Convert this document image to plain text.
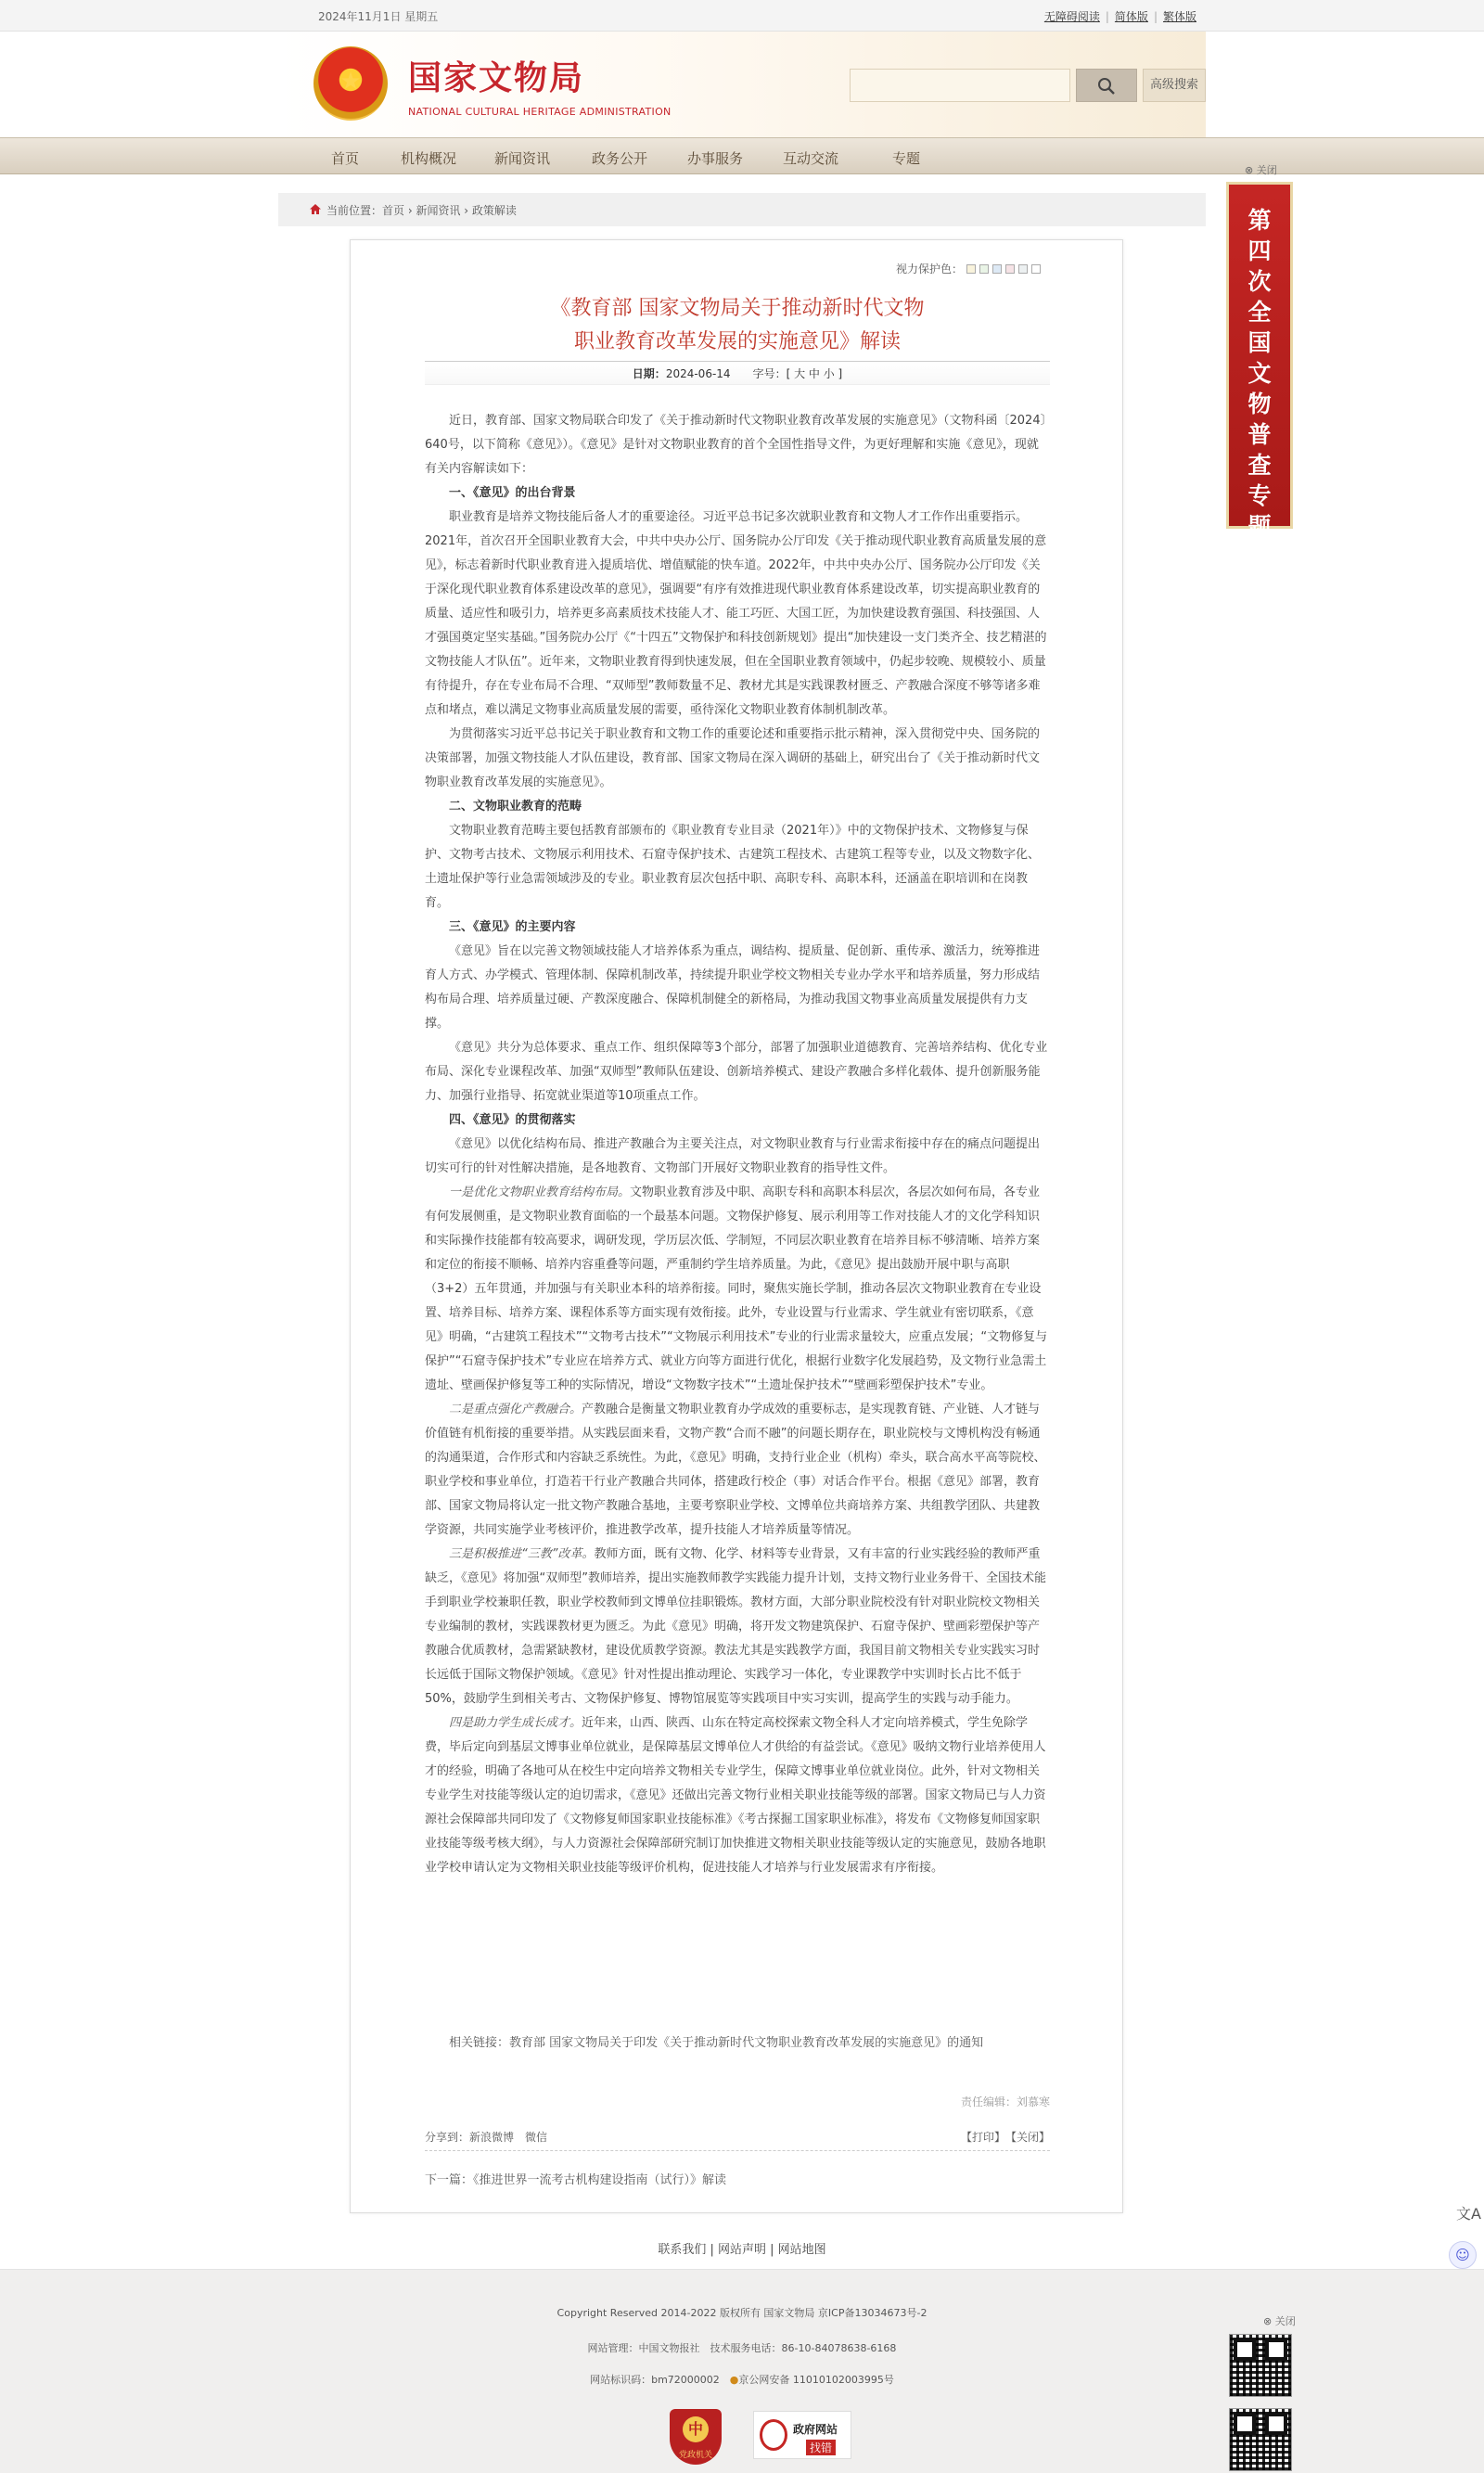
2024年11月1日 星期五	无障碍阅读 | 简体版 | 繁体版
★	国家文物局
NATIONAL CULTURAL HERITAGE ADMINISTRATION
高级搜索
首页	机构概况	新闻资讯	政务公开	办事服务	互动交流	专题
⊗ 关闭
第四次全国文物普查专题
当前位置：首页 › 新闻资讯 › 政策解读
视力保护色：
《教育部 国家文物局关于推动新时代文物
职业教育改革发展的实施意见》解读
日期：2024-06-14　　 字号：[ 大 中 小 ]

近日，教育部、国家文物局联合印发了《关于推动新时代文物职业教育改革发展的实施意见》（文物科函〔2024〕640号，以下简称《意见》）。《意见》是针对文物职业教育的首个全国性指导文件，为更好理解和实施《意见》，现就有关内容解读如下：

一、《意见》的出台背景

职业教育是培养文物技能后备人才的重要途径。习近平总书记多次就职业教育和文物人才工作作出重要指示。2021年，首次召开全国职业教育大会，中共中央办公厅、国务院办公厅印发《关于推动现代职业教育高质量发展的意见》，标志着新时代职业教育进入提质培优、增值赋能的快车道。2022年，中共中央办公厅、国务院办公厅印发《关于深化现代职业教育体系建设改革的意见》，强调要“有序有效推进现代职业教育体系建设改革，切实提高职业教育的质量、适应性和吸引力，培养更多高素质技术技能人才、能工巧匠、大国工匠，为加快建设教育强国、科技强国、人才强国奠定坚实基础。”国务院办公厅《“十四五”文物保护和科技创新规划》提出“加快建设一支门类齐全、技艺精湛的文物技能人才队伍”。近年来，文物职业教育得到快速发展，但在全国职业教育领域中，仍起步较晚、规模较小、质量有待提升，存在专业布局不合理、“双师型”教师数量不足、教材尤其是实践课教材匮乏、产教融合深度不够等诸多难点和堵点，难以满足文物事业高质量发展的需要，亟待深化文物职业教育体制机制改革。

为贯彻落实习近平总书记关于职业教育和文物工作的重要论述和重要指示批示精神，深入贯彻党中央、国务院的决策部署，加强文物技能人才队伍建设，教育部、国家文物局在深入调研的基础上，研究出台了《关于推动新时代文物职业教育改革发展的实施意见》。

二、文物职业教育的范畴

文物职业教育范畴主要包括教育部颁布的《职业教育专业目录（2021年）》中的文物保护技术、文物修复与保护、文物考古技术、文物展示利用技术、石窟寺保护技术、古建筑工程技术、古建筑工程等专业，以及文物数字化、土遗址保护等行业急需领域涉及的专业。职业教育层次包括中职、高职专科、高职本科，还涵盖在职培训和在岗教育。

三、《意见》的主要内容

《意见》旨在以完善文物领域技能人才培养体系为重点，调结构、提质量、促创新、重传承、激活力，统筹推进育人方式、办学模式、管理体制、保障机制改革，持续提升职业学校文物相关专业办学水平和培养质量，努力形成结构布局合理、培养质量过硬、产教深度融合、保障机制健全的新格局，为推动我国文物事业高质量发展提供有力支撑。

《意见》共分为总体要求、重点工作、组织保障等3个部分，部署了加强职业道德教育、完善培养结构、优化专业布局、深化专业课程改革、加强“双师型”教师队伍建设、创新培养模式、建设产教融合多样化载体、提升创新服务能力、加强行业指导、拓宽就业渠道等10项重点工作。

四、《意见》的贯彻落实

《意见》以优化结构布局、推进产教融合为主要关注点，对文物职业教育与行业需求衔接中存在的痛点问题提出切实可行的针对性解决措施，是各地教育、文物部门开展好文物职业教育的指导性文件。

一是优化文物职业教育结构布局。文物职业教育涉及中职、高职专科和高职本科层次，各层次如何布局，各专业有何发展侧重，是文物职业教育面临的一个最基本问题。文物保护修复、展示利用等工作对技能人才的文化学科知识和实际操作技能都有较高要求，调研发现，学历层次低、学制短，不同层次职业教育在培养目标不够清晰、培养方案和定位的衔接不顺畅、培养内容重叠等问题，严重制约学生培养质量。为此，《意见》提出鼓励开展中职与高职（3+2）五年贯通，并加强与有关职业本科的培养衔接。同时，聚焦实施长学制，推动各层次文物职业教育在专业设置、培养目标、培养方案、课程体系等方面实现有效衔接。此外，专业设置与行业需求、学生就业有密切联系，《意见》明确，“古建筑工程技术”“文物考古技术”“文物展示利用技术”专业的行业需求量较大，应重点发展；“文物修复与保护”“石窟寺保护技术”专业应在培养方式、就业方向等方面进行优化，根据行业数字化发展趋势，及文物行业急需土遗址、壁画保护修复等工种的实际情况，增设“文物数字技术”“土遗址保护技术”“壁画彩塑保护技术”专业。

二是重点强化产教融合。产教融合是衡量文物职业教育办学成效的重要标志，是实现教育链、产业链、人才链与价值链有机衔接的重要举措。从实践层面来看，文物产教“合而不融”的问题长期存在，职业院校与文博机构没有畅通的沟通渠道，合作形式和内容缺乏系统性。为此，《意见》明确，支持行业企业（机构）牵头，联合高水平高等院校、职业学校和事业单位，打造若干行业产教融合共同体，搭建政行校企（事）对话合作平台。根据《意见》部署，教育部、国家文物局将认定一批文物产教融合基地，主要考察职业学校、文博单位共商培养方案、共组教学团队、共建教学资源，共同实施学业考核评价，推进教学改革，提升技能人才培养质量等情况。

三是积极推进“三教”改革。教师方面，既有文物、化学、材料等专业背景，又有丰富的行业实践经验的教师严重缺乏，《意见》将加强“双师型”教师培养，提出实施教师教学实践能力提升计划，支持文物行业业务骨干、全国技术能手到职业学校兼职任教，职业学校教师到文博单位挂职锻炼。教材方面，大部分职业院校没有针对职业院校文物相关专业编制的教材，实践课教材更为匮乏。为此《意见》明确，将开发文物建筑保护、石窟寺保护、壁画彩塑保护等产教融合优质教材，急需紧缺教材，建设优质教学资源。教法尤其是实践教学方面，我国目前文物相关专业实践实习时长远低于国际文物保护领域。《意见》针对性提出推动理论、实践学习一体化，专业课教学中实训时长占比不低于50%，鼓励学生到相关考古、文物保护修复、博物馆展览等实践项目中实习实训，提高学生的实践与动手能力。

四是助力学生成长成才。近年来，山西、陕西、山东在特定高校探索文物全科人才定向培养模式，学生免除学费，毕后定向到基层文博事业单位就业，是保障基层文博单位人才供给的有益尝试。《意见》吸纳文物行业培养使用人才的经验，明确了各地可从在校生中定向培养文物相关专业学生，保障文博事业单位就业岗位。此外，针对文物相关专业学生对技能等级认定的迫切需求，《意见》还做出完善文物行业相关职业技能等级的部署。国家文物局已与人力资源社会保障部共同印发了《文物修复师国家职业技能标准》《考古探掘工国家职业标准》，将发布《文物修复师国家职业技能等级考核大纲》，与人力资源社会保障部研究制订加快推进文物相关职业技能等级认定的实施意见，鼓励各地职业学校申请认定为文物相关职业技能等级评价机构，促进技能人才培养与行业发展需求有序衔接。

相关链接：教育部 国家文物局关于印发《关于推动新时代文物职业教育改革发展的实施意见》的通知
责任编辑：刘慕寒
分享到：新浪微博　 微信	【打印】　 【关闭】
下一篇：《推进世界一流考古机构建设指南（试行）》解读
联系我们 | 网站声明 | 网站地图
文A
☺
Copyright Reserved 2014-2022 版权所有 国家文物局 京ICP备13034673号-2
网站管理：中国文物报社　技术服务电话：86-10-84078638-6168
网站标识码：bm72000002　●京公网安备 11010102003995号
中
党政机关
政府网站
找错
⊗ 关闭
